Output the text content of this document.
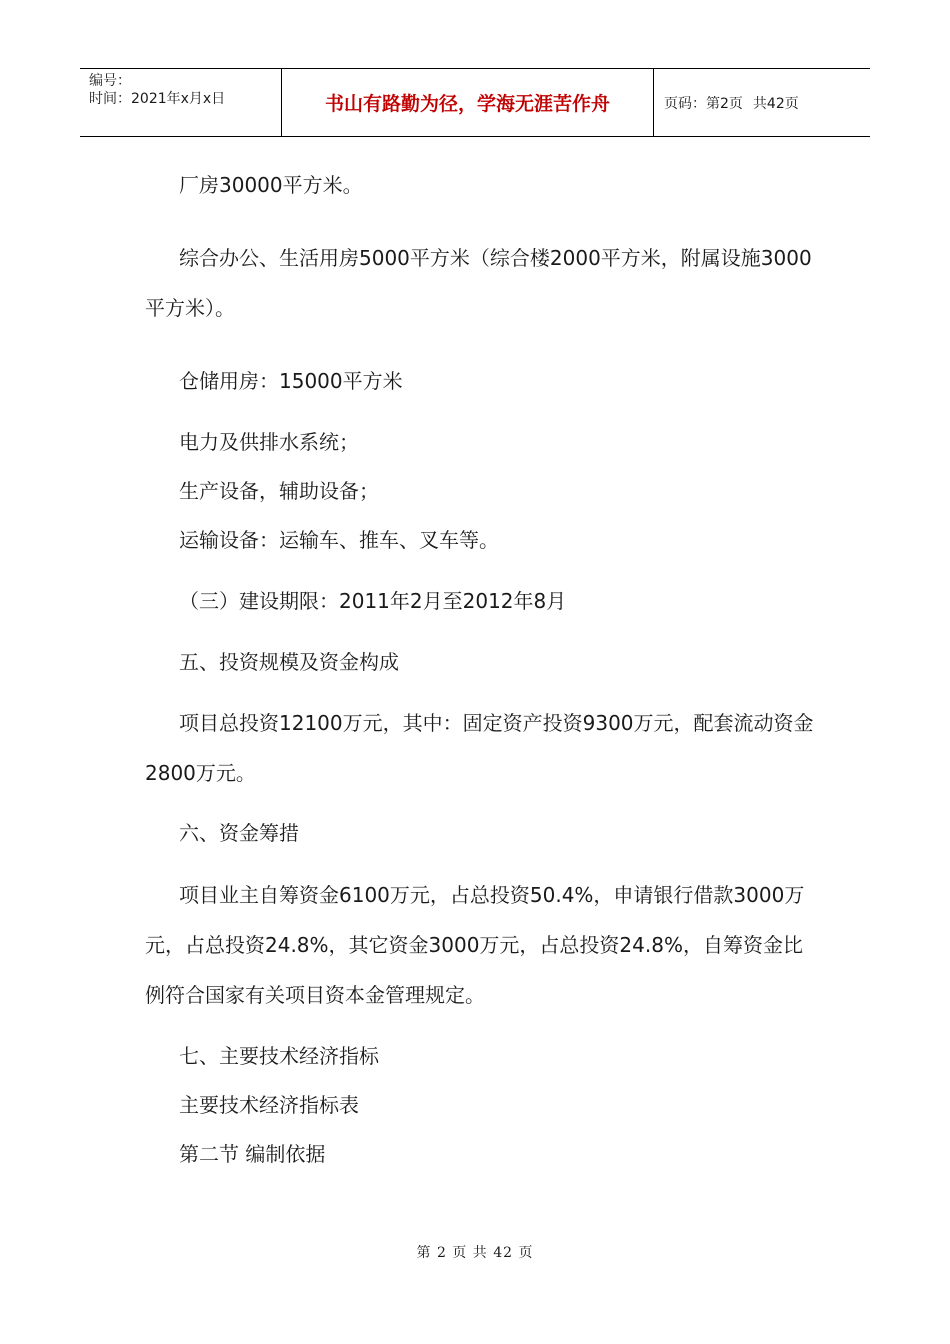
编号：
时间：2021年x月x日	书山有路勤为径，学海无涯苦作舟	页码：第2页 共42页

厂房30000平方米。

综合办公、生活用房5000平方米（综合楼2000平方米，附属设施3000平方米）。

仓储用房：15000平方米

电力及供排水系统；

生产设备，辅助设备；

运输设备：运输车、推车、叉车等。

（三）建设期限：2011年2月至2012年8月

五、投资规模及资金构成

项目总投资12100万元，其中：固定资产投资9300万元，配套流动资金2800万元。

六、资金筹措

项目业主自筹资金6100万元，占总投资50.4%，申请银行借款3000万元，占总投资24.8%，其它资金3000万元，占总投资24.8%，自筹资金比例符合国家有关项目资本金管理规定。

七、主要技术经济指标

主要技术经济指标表

第二节 编制依据

第 2 页 共 42 页
